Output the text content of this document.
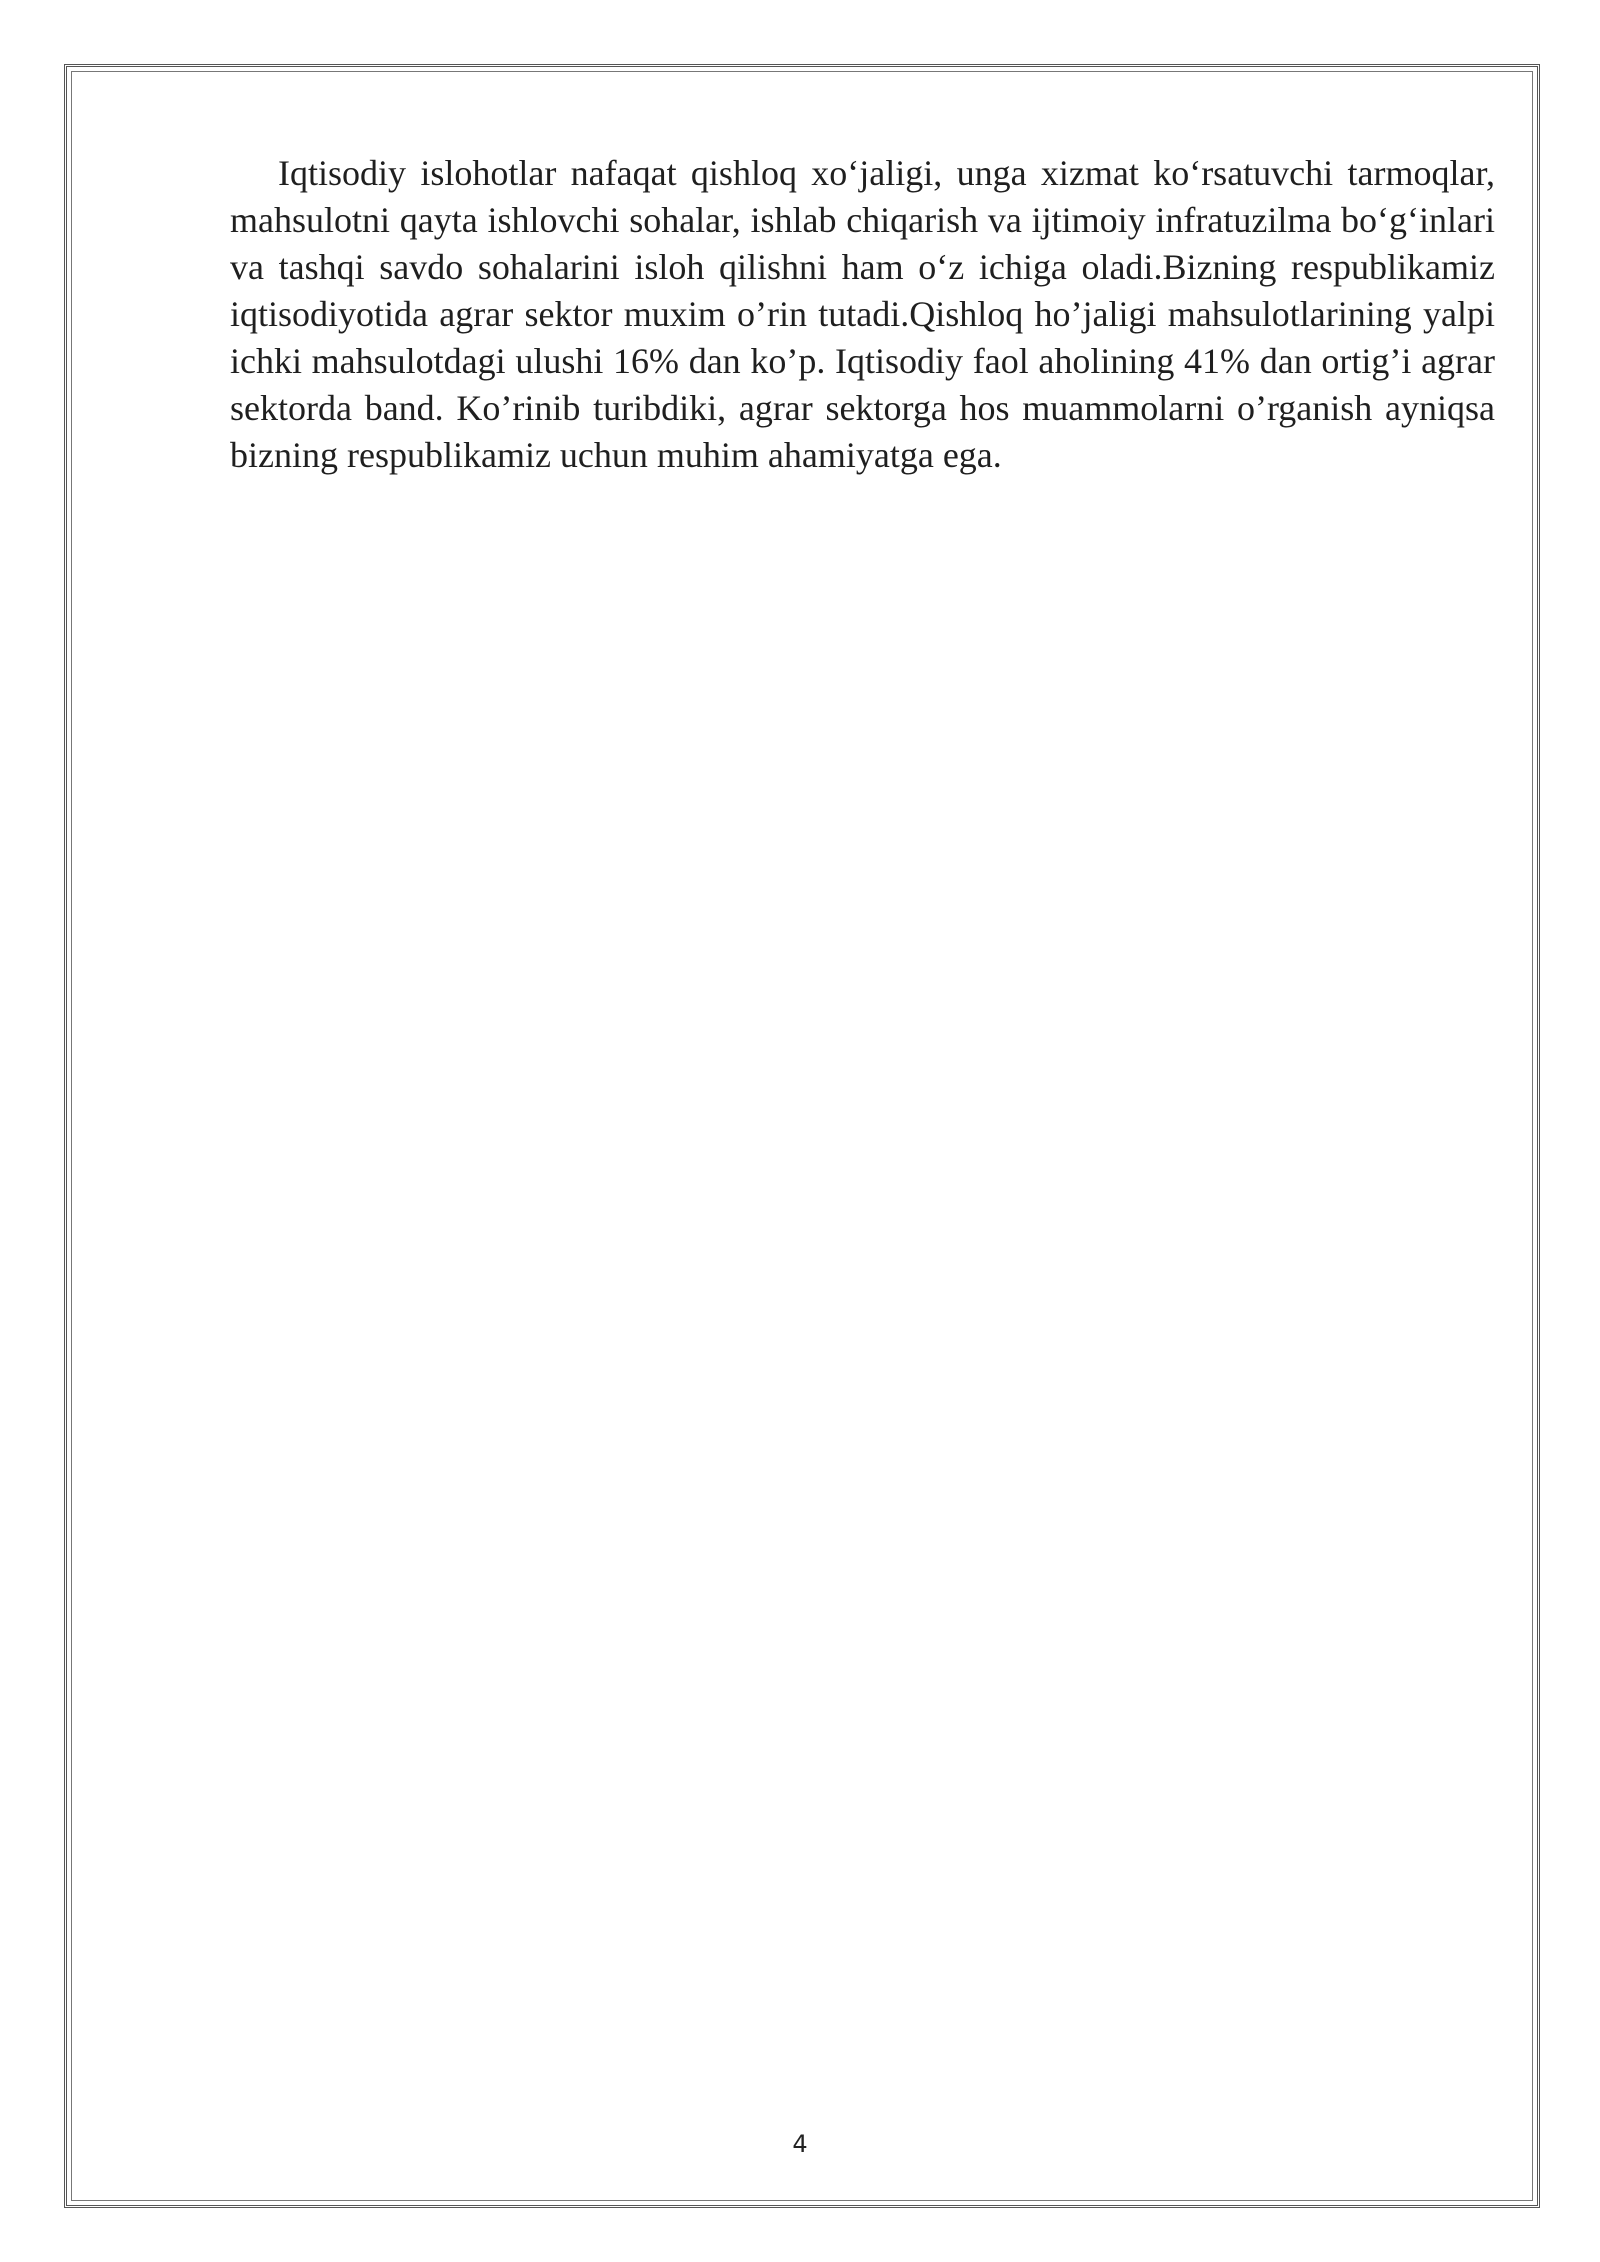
Iqtisodiy islohotlar nafaqat qishloq xo‘jaligi, unga xizmat ko‘rsatuvchi tarmoqlar, mahsulotni qayta ishlovchi sohalar, ishlab chiqarish va ijtimoiy infratuzilma bo‘g‘inlari va tashqi savdo sohalarini isloh qilishni ham o‘z ichiga oladi.Bizning respublikamiz iqtisodiyotida agrar sektor muxim o’rin tutadi.Qishloq ho’jaligi mahsulotlarining yalpi ichki mahsulotdagi ulushi 16% dan ko’p. Iqtisodiy faol aholining 41% dan ortig’i agrar sektorda band. Ko’rinib turibdiki, agrar sektorga hos muammolarni o’rganish ayniqsa bizning respublikamiz uchun muhim ahamiyatga ega.

4
